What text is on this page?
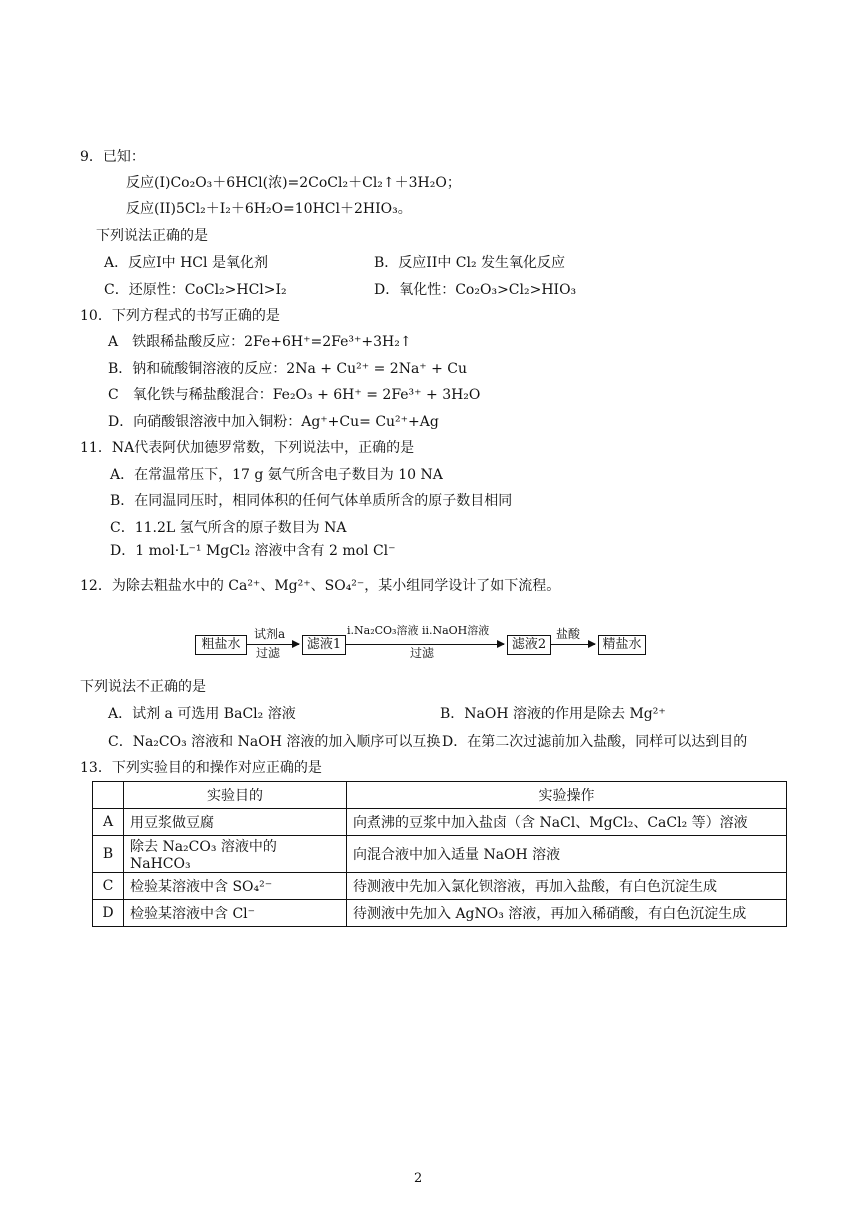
9．已知：
反应(I)Co₂O₃＋6HCl(浓)=2CoCl₂＋Cl₂↑＋3H₂O；
反应(II)5Cl₂＋I₂＋6H₂O=10HCl＋2HIO₃。
下列说法正确的是
A．反应I中 HCl 是氧化剂	B．反应II中 Cl₂ 发生氧化反应
C．还原性：CoCl₂>HCl>I₂	D．氧化性：Co₂O₃>Cl₂>HIO₃
10．下列方程式的书写正确的是
A　铁跟稀盐酸反应：2Fe+6H⁺=2Fe³⁺+3H₂↑
B．钠和硫酸铜溶液的反应：2Na + Cu²⁺ = 2Na⁺ + Cu
C　氧化铁与稀盐酸混合：Fe₂O₃ + 6H⁺ = 2Fe³⁺ + 3H₂O
D．向硝酸银溶液中加入铜粉：Ag⁺+Cu= Cu²⁺+Ag
11．NA代表阿伏加德罗常数，下列说法中，正确的是
A．在常温常压下，17 g 氨气所含电子数目为 10 NA
B．在同温同压时，相同体积的任何气体单质所含的原子数目相同
C．11.2L 氢气所含的原子数目为 NA
D．1 mol·L⁻¹ MgCl₂ 溶液中含有 2 mol Cl⁻
12．为除去粗盐水中的 Ca²⁺、Mg²⁺、SO₄²⁻，某小组同学设计了如下流程。
粗盐水
试剂a
过滤
滤液1
i.Na₂CO₃溶液 ii.NaOH溶液
过滤
滤液2
盐酸
精盐水
下列说法不正确的是
A．试剂 a 可选用 BaCl₂ 溶液	B．NaOH 溶液的作用是除去 Mg²⁺
C．Na₂CO₃ 溶液和 NaOH 溶液的加入顺序可以互换 D．在第二次过滤前加入盐酸，同样可以达到目的
13．下列实验目的和操作对应正确的是
	实验目的	实验操作
A	用豆浆做豆腐	向煮沸的豆浆中加入盐卤（含 NaCl、MgCl₂、CaCl₂ 等）溶液
B	除去 Na₂CO₃ 溶液中的 NaHCO₃	向混合液中加入适量 NaOH 溶液
C	检验某溶液中含 SO₄²⁻	待测液中先加入氯化钡溶液，再加入盐酸，有白色沉淀生成
D	检验某溶液中含 Cl⁻	待测液中先加入 AgNO₃ 溶液，再加入稀硝酸，有白色沉淀生成
2
